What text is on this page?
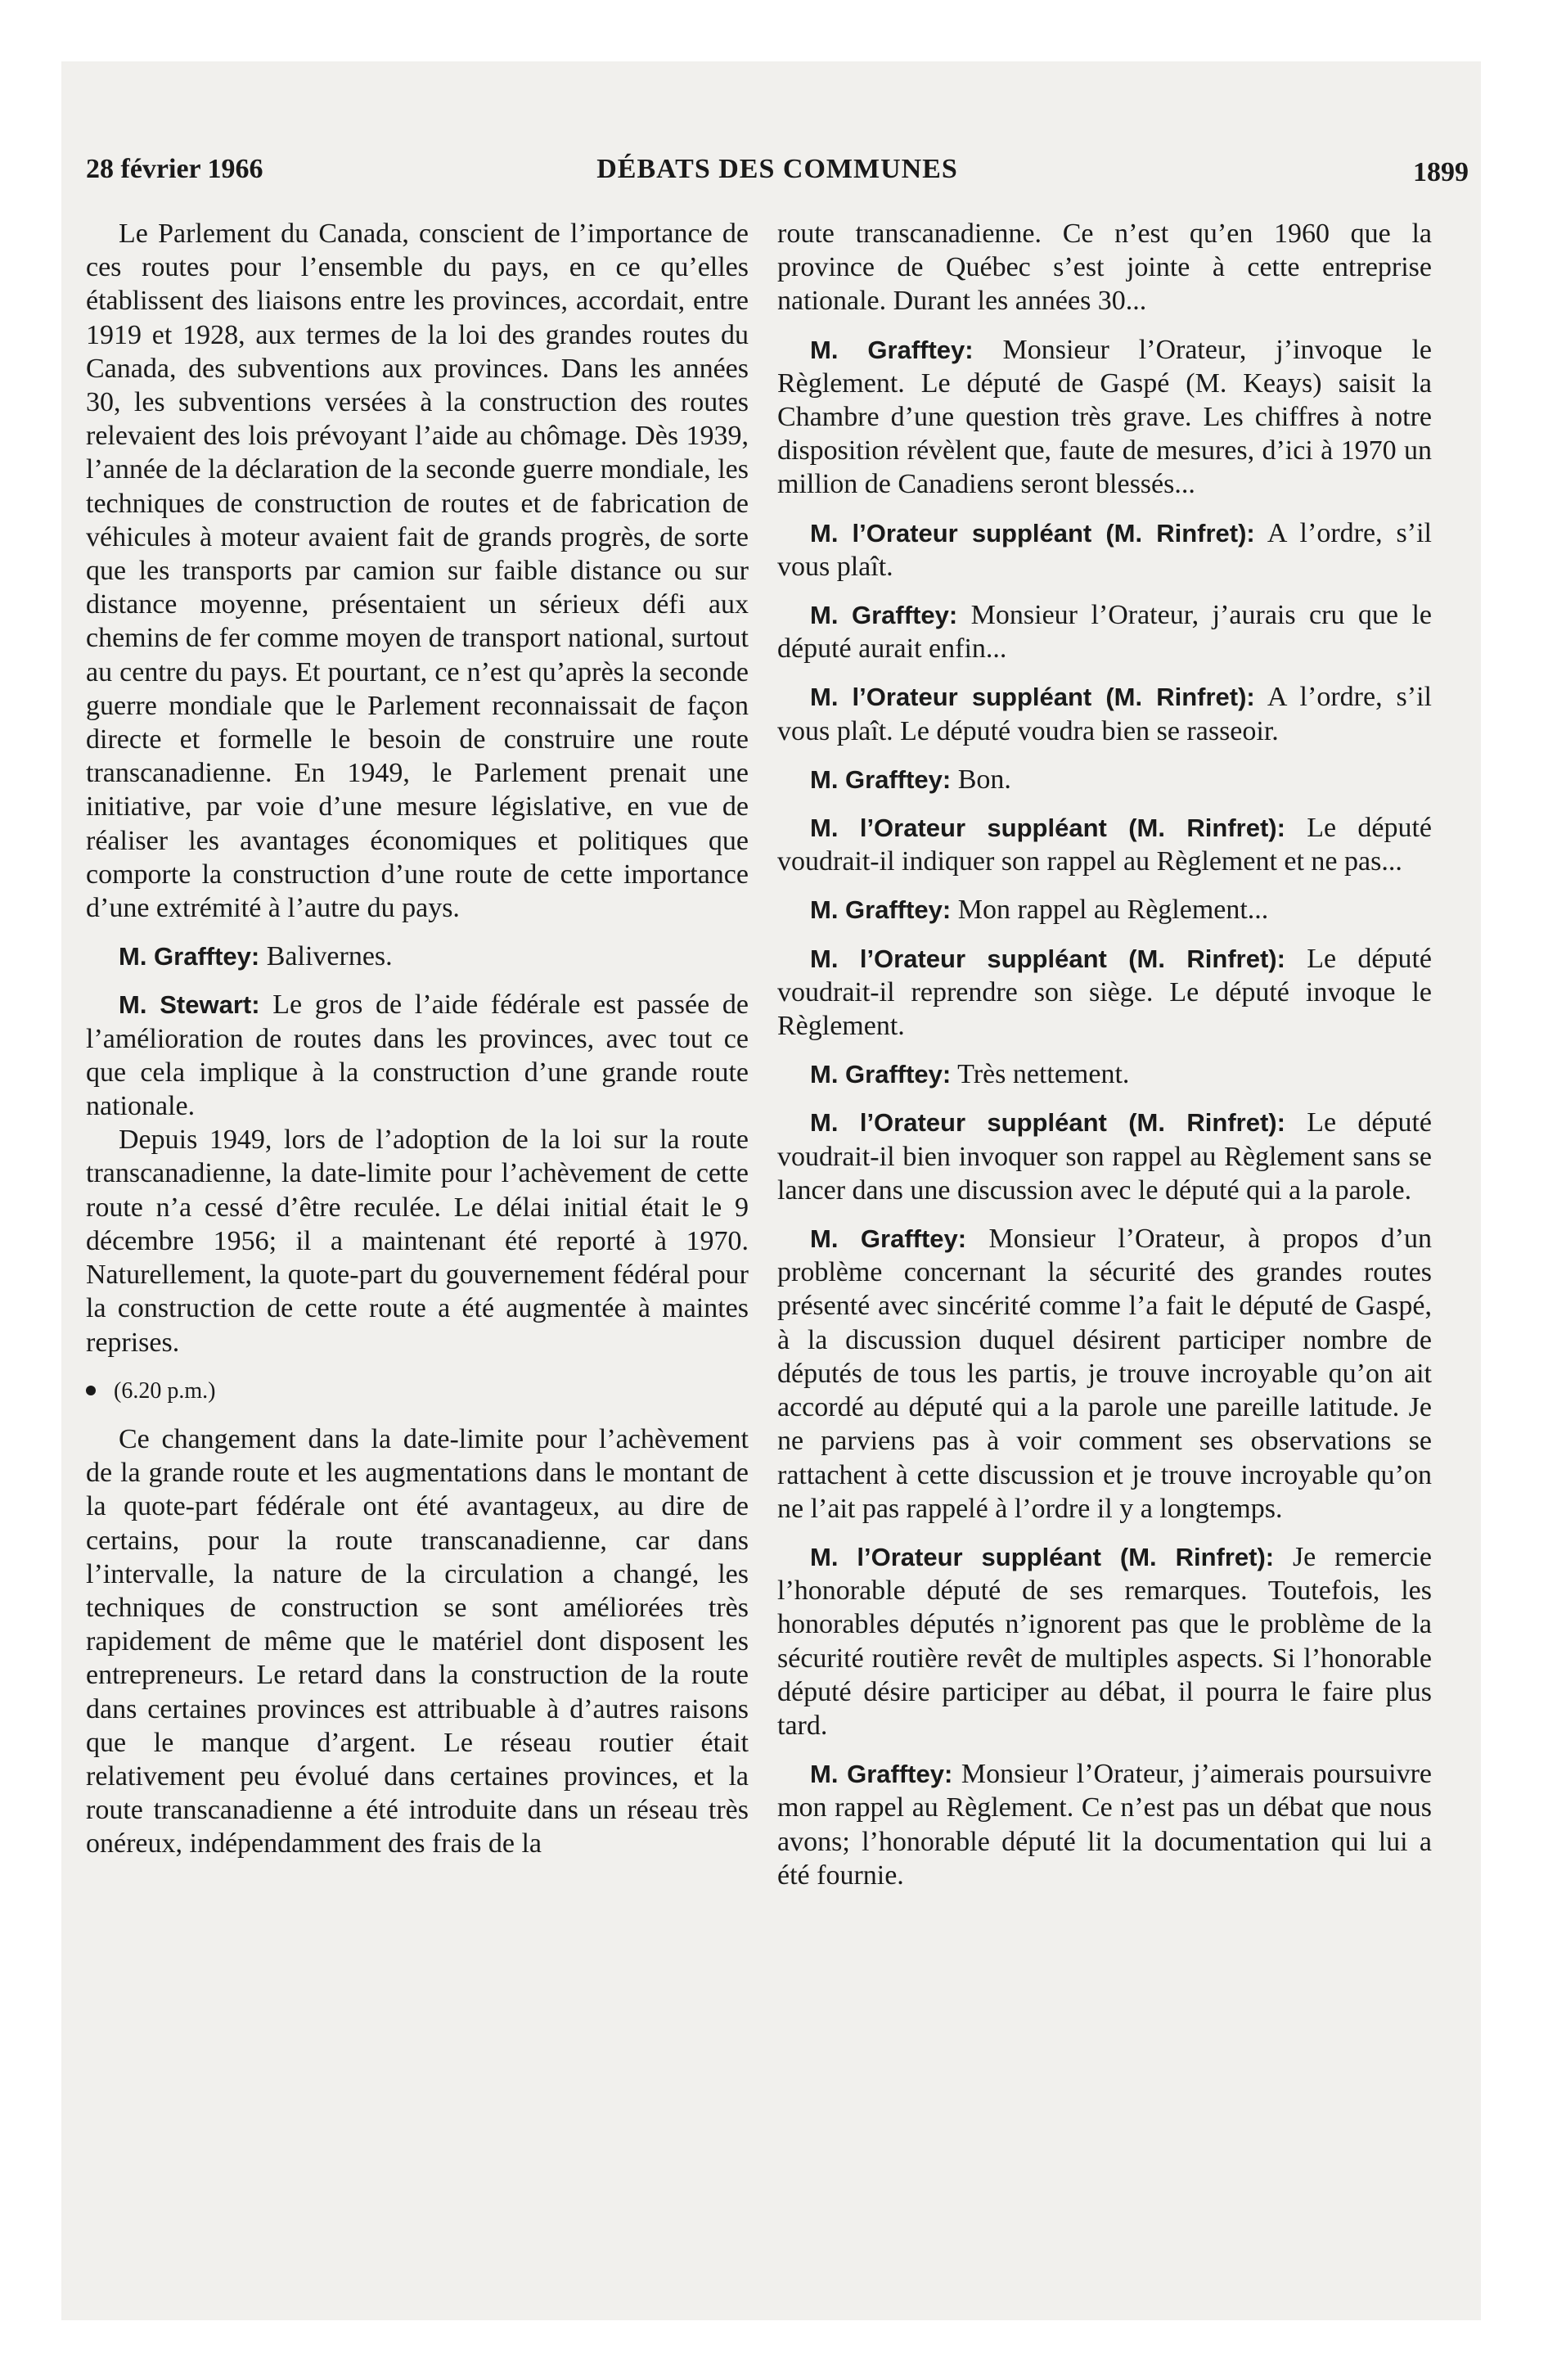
28 février 1966	DÉBATS DES COMMUNES	1899

Le Parlement du Canada, conscient de l’importance de ces routes pour l’ensemble du pays, en ce qu’elles établissent des liaisons entre les provinces, accordait, entre 1919 et 1928, aux termes de la loi des grandes routes du Canada, des subventions aux provinces. Dans les années 30, les subventions versées à la construction des routes relevaient des lois prévoyant l’aide au chômage. Dès 1939, l’année de la déclaration de la seconde guerre mondiale, les techniques de construction de routes et de fabrication de véhicules à moteur avaient fait de grands progrès, de sorte que les transports par camion sur faible distance ou sur distance moyenne, présentaient un sérieux défi aux chemins de fer comme moyen de transport national, surtout au centre du pays. Et pourtant, ce n’est qu’après la seconde guerre mondiale que le Parlement reconnaissait de façon directe et formelle le besoin de construire une route transcanadienne. En 1949, le Parlement prenait une initiative, par voie d’une mesure législative, en vue de réaliser les avantages économiques et politiques que comporte la construction d’une route de cette importance d’une extrémité à l’autre du pays.

M. Grafftey: Balivernes.

M. Stewart: Le gros de l’aide fédérale est passée de l’amélioration de routes dans les provinces, avec tout ce que cela implique à la construction d’une grande route nationale.

Depuis 1949, lors de l’adoption de la loi sur la route transcanadienne, la date-limite pour l’achèvement de cette route n’a cessé d’être reculée. Le délai initial était le 9 décembre 1956; il a maintenant été reporté à 1970. Naturellement, la quote-part du gouvernement fédéral pour la construction de cette route a été augmentée à maintes reprises.

(6.20 p.m.)

Ce changement dans la date-limite pour l’achèvement de la grande route et les augmentations dans le montant de la quote-part fédérale ont été avantageux, au dire de certains, pour la route transcanadienne, car dans l’intervalle, la nature de la circulation a changé, les techniques de construction se sont améliorées très rapidement de même que le matériel dont disposent les entrepreneurs. Le retard dans la construction de la route dans certaines provinces est attribuable à d’autres raisons que le manque d’argent. Le réseau routier était relativement peu évolué dans certaines provinces, et la route transcanadienne a été introduite dans un réseau très onéreux, indépendamment des frais de la

route transcanadienne. Ce n’est qu’en 1960 que la province de Québec s’est jointe à cette entreprise nationale. Durant les années 30...

M. Grafftey: Monsieur l’Orateur, j’invoque le Règlement. Le député de Gaspé (M. Keays) saisit la Chambre d’une question très grave. Les chiffres à notre disposition révèlent que, faute de mesures, d’ici à 1970 un million de Canadiens seront blessés...

M. l’Orateur suppléant (M. Rinfret): A l’ordre, s’il vous plaît.

M. Grafftey: Monsieur l’Orateur, j’aurais cru que le député aurait enfin...

M. l’Orateur suppléant (M. Rinfret): A l’ordre, s’il vous plaît. Le député voudra bien se rasseoir.

M. Grafftey: Bon.

M. l’Orateur suppléant (M. Rinfret): Le député voudrait-il indiquer son rappel au Règlement et ne pas...

M. Grafftey: Mon rappel au Règlement...

M. l’Orateur suppléant (M. Rinfret): Le député voudrait-il reprendre son siège. Le député invoque le Règlement.

M. Grafftey: Très nettement.

M. l’Orateur suppléant (M. Rinfret): Le député voudrait-il bien invoquer son rappel au Règlement sans se lancer dans une discussion avec le député qui a la parole.

M. Grafftey: Monsieur l’Orateur, à propos d’un problème concernant la sécurité des grandes routes présenté avec sincérité comme l’a fait le député de Gaspé, à la discussion duquel désirent participer nombre de députés de tous les partis, je trouve incroyable qu’on ait accordé au député qui a la parole une pareille latitude. Je ne parviens pas à voir comment ses observations se rattachent à cette discussion et je trouve incroyable qu’on ne l’ait pas rappelé à l’ordre il y a longtemps.

M. l’Orateur suppléant (M. Rinfret): Je remercie l’honorable député de ses remarques. Toutefois, les honorables députés n’ignorent pas que le problème de la sécurité routière revêt de multiples aspects. Si l’honorable député désire participer au débat, il pourra le faire plus tard.

M. Grafftey: Monsieur l’Orateur, j’aimerais poursuivre mon rappel au Règlement. Ce n’est pas un débat que nous avons; l’honorable député lit la documentation qui lui a été fournie.
